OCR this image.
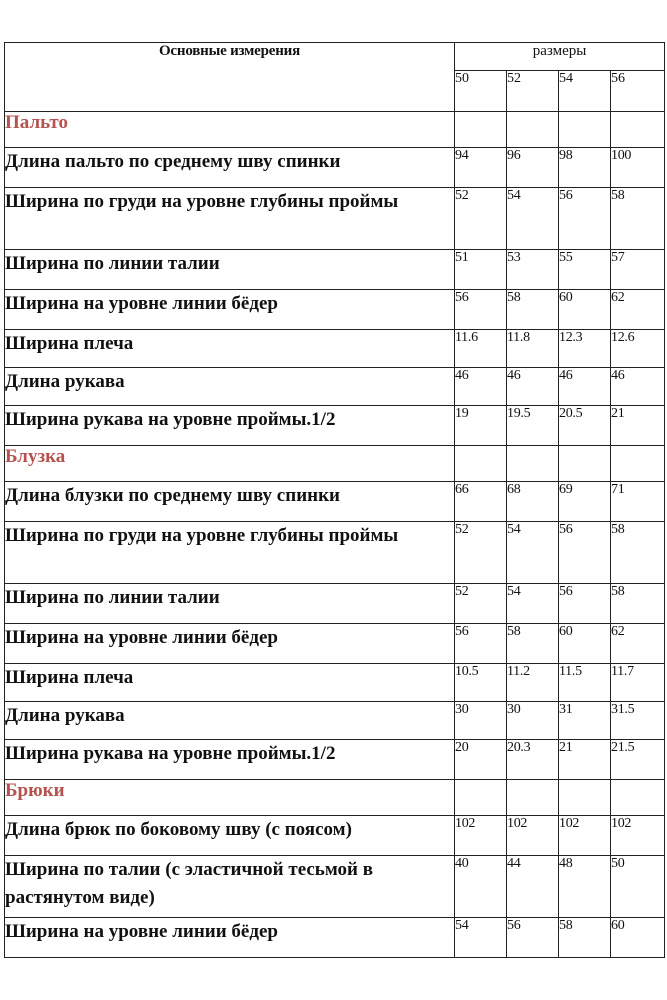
Основные измерения	размеры			
	50	52	54	56
Пальто				
Длина пальто по среднему шву спинки	94	96	98	100
Ширина по груди на уровне глубины проймы	52	54	56	58
Ширина по линии талии	51	53	55	57
Ширина на уровне линии бёдер	56	58	60	62
Ширина плеча	11.6	11.8	12.3	12.6
Длина рукава	46	46	46	46
Ширина рукава на уровне проймы.1/2	19	19.5	20.5	21
Блузка				
Длина блузки по среднему шву спинки	66	68	69	71
Ширина по груди на уровне глубины проймы	52	54	56	58
Ширина по линии талии	52	54	56	58
Ширина на уровне линии бёдер	56	58	60	62
Ширина плеча	10.5	11.2	11.5	11.7
Длина рукава	30	30	31	31.5
Ширина рукава на уровне проймы.1/2	20	20.3	21	21.5
Брюки				
Длина брюк по боковому шву (с поясом)	102	102	102	102
Ширина по талии (с эластичной тесьмой в растянутом виде)	40	44	48	50
Ширина на уровне линии бёдер	54	56	58	60
